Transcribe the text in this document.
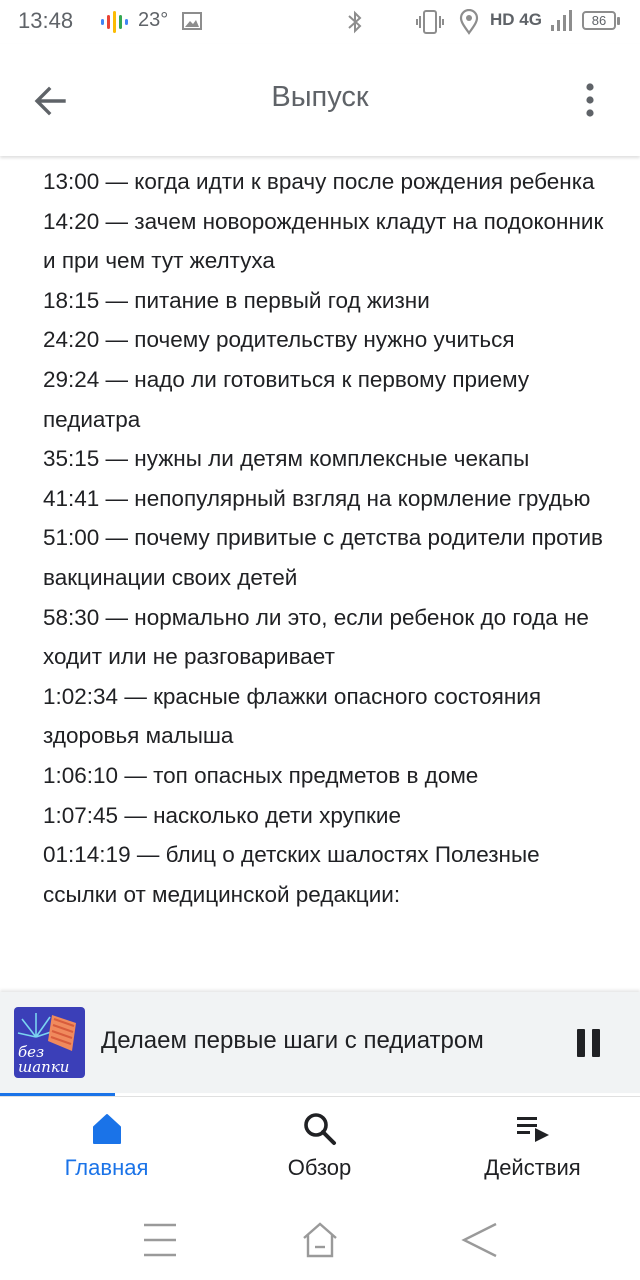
13:48	23°	HD 4G	86
Выпуск

13:00 — когда идти к врачу после рождения ребенка

14:20 — зачем новорожденных кладут на подоконник и при чем тут желтуха

18:15 — питание в первый год жизни

24:20 — почему родительству нужно учиться

29:24 — надо ли готовиться к первому приему педиатра

35:15 — нужны ли детям комплексные чекапы

41:41 — непопулярный взгляд на кормление грудью

51:00 — почему привитые с детства родители против вакцинации своих детей

58:30 — нормально ли это, если ребенок до года не ходит или не разговаривает

1:02:34 — красные флажки опасного состояния здоровья малыша

1:06:10 — топ опасных предметов в доме

1:07:45 — насколько дети хрупкие

01:14:19 — блиц о детских шалостях Полезные ссылки от медицинской редакции:

без
шапки
Делаем первые шаги с педиатром
Главная	Обзор	Действия
